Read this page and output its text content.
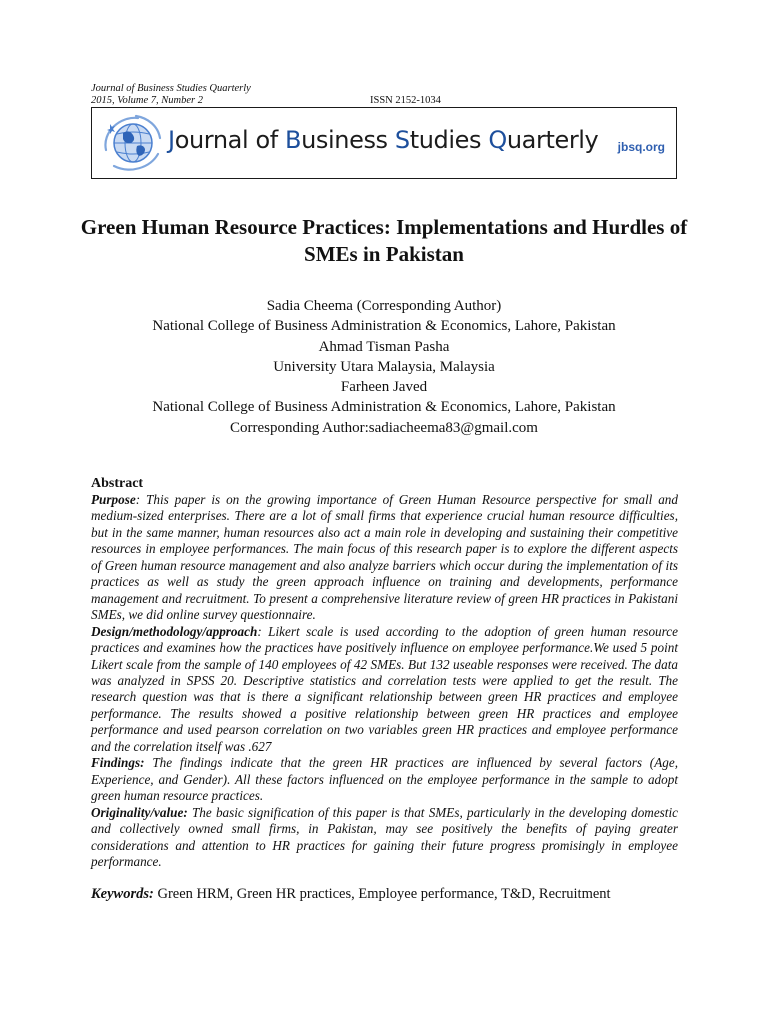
Journal of Business Studies Quarterly
2015, Volume 7, Number 2	ISSN 2152-1034
Journal of Business Studies Quarterly jbsq.org
Green Human Resource Practices: Implementations and Hurdles of
SMEs in Pakistan
Sadia Cheema (Corresponding Author)
National College of Business Administration & Economics, Lahore, Pakistan
Ahmad Tisman Pasha
University Utara Malaysia, Malaysia
Farheen Javed
National College of Business Administration & Economics, Lahore, Pakistan
Corresponding Author:sadiacheema83@gmail.com
Abstract

Purpose: This paper is on the growing importance of Green Human Resource perspective for small and medium-sized enterprises. There are a lot of small firms that experience crucial human resource difficulties, but in the same manner, human resources also act a main role in developing and sustaining their competitive resources in employee performances. The main focus of this research paper is to explore the different aspects of Green human resource management and also analyze barriers which occur during the implementation of its practices as well as study the green approach influence on training and developments, performance management and recruitment. To present a comprehensive literature review of green HR practices in Pakistani SMEs, we did online survey questionnaire.

Design/methodology/approach: Likert scale is used according to the adoption of green human resource practices and examines how the practices have positively influence on employee performance.We used 5 point Likert scale from the sample of 140 employees of 42 SMEs. But 132 useable responses were received. The data was analyzed in SPSS 20. Descriptive statistics and correlation tests were applied to get the result. The research question was that is there a significant relationship between green HR practices and employee performance. The results showed a positive relationship between green HR practices and employee performance and used pearson correlation on two variables green HR practices and employee performance and the correlation itself was .627

Findings: The findings indicate that the green HR practices are influenced by several factors (Age, Experience, and Gender). All these factors influenced on the employee performance in the sample to adopt green human resource practices.

Originality/value: The basic signification of this paper is that SMEs, particularly in the developing domestic and collectively owned small firms, in Pakistan, may see positively the benefits of paying greater considerations and attention to HR practices for gaining their future progress promisingly in employee performance.

Keywords: Green HRM, Green HR practices, Employee performance, T&D, Recruitment
